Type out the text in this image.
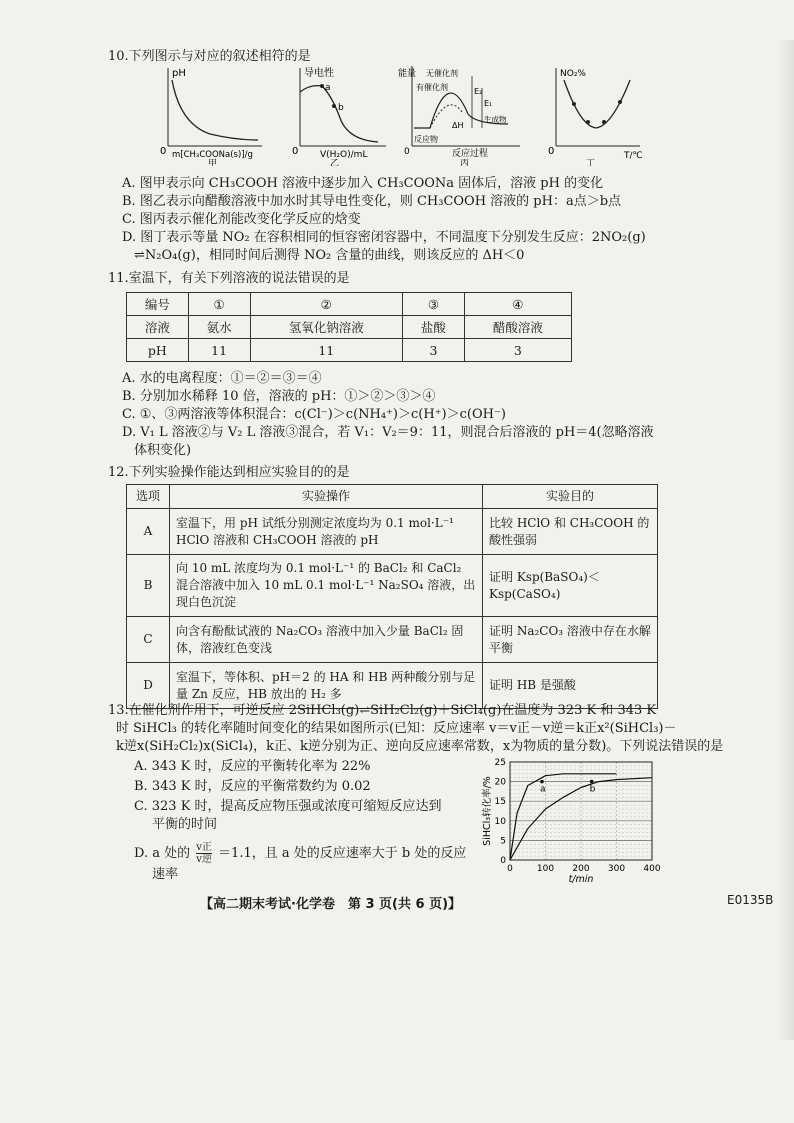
10.下列图示与对应的叙述相符的是
pH
0 m[CH₃COONa(s)]/g
甲
导电性
a
b
0 V(H₂O)/mL
乙
能量 无催化剂
有催化剂	E₂
E₁
反应物
生成物
ΔH
0	反应过程
丙
NO₂%
0	T/℃
丁
A. 图甲表示向 CH₃COOH 溶液中逐步加入 CH₃COONa 固体后，溶液 pH 的变化
B. 图乙表示向醋酸溶液中加水时其导电性变化，则 CH₃COOH 溶液的 pH：a点＞b点
C. 图丙表示催化剂能改变化学反应的焓变
D. 图丁表示等量 NO₂ 在容积相同的恒容密闭容器中，不同温度下分别发生反应：2NO₂(g)
⇌N₂O₄(g)，相同时间后测得 NO₂ 含量的曲线，则该反应的 ΔH＜0
11.室温下，有关下列溶液的说法错误的是
编号	①	②	③	④
溶液	氨水	氢氧化钠溶液	盐酸	醋酸溶液
pH	11	11	3	3
A. 水的电离程度：①＝②＝③＝④
B. 分别加水稀释 10 倍，溶液的 pH：①＞②＞③＞④
C. ①、③两溶液等体积混合：c(Cl⁻)＞c(NH₄⁺)＞c(H⁺)＞c(OH⁻)
D. V₁ L 溶液②与 V₂ L 溶液③混合，若 V₁：V₂＝9：11，则混合后溶液的 pH＝4(忽略溶液
体积变化)
12.下列实验操作能达到相应实验目的的是
选项	实验操作	实验目的
A	室温下，用 pH 试纸分别测定浓度均为 0.1 mol·L⁻¹ HClO 溶液和 CH₃COOH 溶液的 pH	比较 HClO 和 CH₃COOH 的酸性强弱
B	向 10 mL 浓度均为 0.1 mol·L⁻¹ 的 BaCl₂ 和 CaCl₂ 混合溶液中加入 10 mL 0.1 mol·L⁻¹ Na₂SO₄ 溶液，出现白色沉淀	证明 Ksp(BaSO₄)＜Ksp(CaSO₄)
C	向含有酚酞试液的 Na₂CO₃ 溶液中加入少量 BaCl₂ 固体，溶液红色变浅	证明 Na₂CO₃ 溶液中存在水解平衡
D	室温下，等体积、pH＝2 的 HA 和 HB 两种酸分别与足量 Zn 反应，HB 放出的 H₂ 多	证明 HB 是强酸
13.在催化剂作用下，可逆反应 2SiHCl₃(g)⇌SiH₂Cl₂(g)＋SiCl₄(g)在温度为 323 K 和 343 K
时 SiHCl₃ 的转化率随时间变化的结果如图所示(已知：反应速率 v＝v正－v逆＝k正x²(SiHCl₃)－
k逆x(SiH₂Cl₂)x(SiCl₄)，k正、k逆分别为正、逆向反应速率常数，x为物质的量分数)。下列说法错误的是
A. 343 K 时，反应的平衡转化率为 22%
B. 343 K 时，反应的平衡常数约为 0.02
C. 323 K 时，提高反应物压强或浓度可缩短反应达到
平衡的时间
D. a 处的 v正
v逆 ＝1.1，且 a 处的反应速率大于 b 处的反应
速率
0
5
10
15
20
25
0	100 200 300 400
a	b
SiHCl₃转化率/%
t/min
【高二期末考试·化学卷　第 3 页(共 6 页)】	E0135B
